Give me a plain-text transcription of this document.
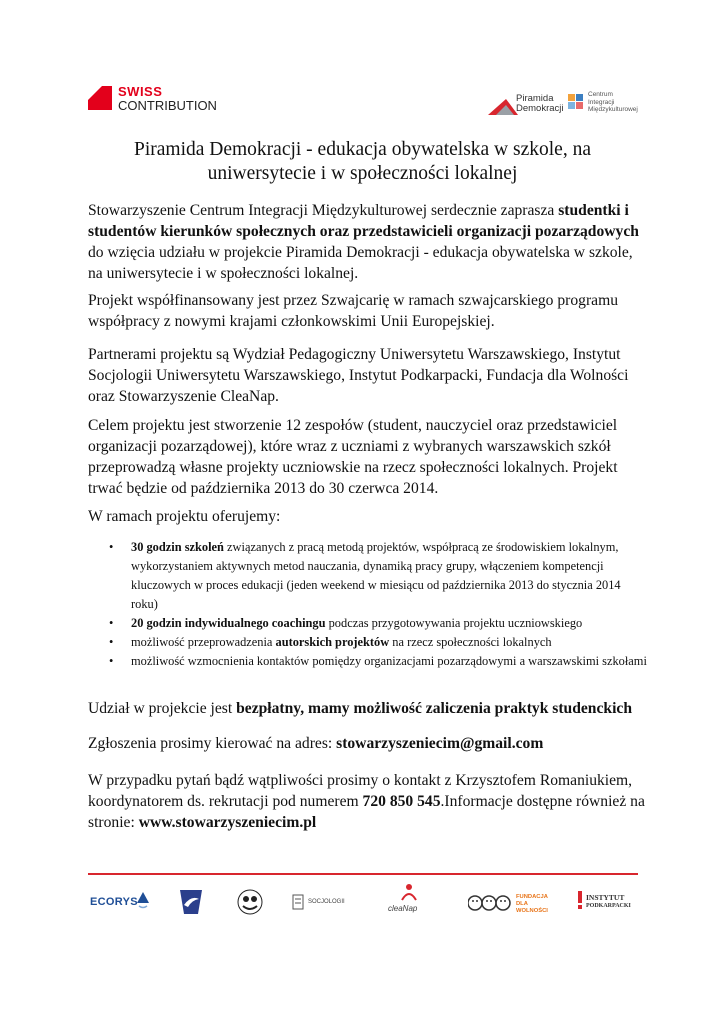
SWISS
CONTRIBUTION	Piramida
Demokracji
Centrum
Integracji
Międzykulturowej
Piramida Demokracji - edukacja obywatelska w szkole, na
uniwersytecie i w społeczności lokalnej
Stowarzyszenie Centrum Integracji Międzykulturowej serdecznie zaprasza studentki i studentów kierunków społecznych oraz przedstawicieli organizacji pozarządowych do wzięcia udziału w projekcie Piramida Demokracji - edukacja obywatelska w szkole, na uniwersytecie i w społeczności lokalnej.
Projekt współfinansowany jest przez Szwajcarię w ramach szwajcarskiego programu współpracy z nowymi krajami członkowskimi Unii Europejskiej.
Partnerami projektu są Wydział Pedagogiczny Uniwersytetu Warszawskiego, Instytut Socjologii Uniwersytetu Warszawskiego, Instytut Podkarpacki, Fundacja dla Wolności oraz Stowarzyszenie CleaNap.
Celem projektu jest stworzenie 12 zespołów (student, nauczyciel oraz przedstawiciel organizacji pozarządowej), które wraz z uczniami z wybranych warszawskich szkół przeprowadzą własne projekty uczniowskie na rzecz społeczności lokalnych. Projekt trwać będzie od października 2013 do 30 czerwca 2014.
W ramach projektu oferujemy:
• 30 godzin szkoleń związanych z pracą metodą projektów, współpracą ze środowiskiem lokalnym, wykorzystaniem aktywnych metod nauczania, dynamiką pracy grupy, włączeniem kompetencji kluczowych w proces edukacji (jeden weekend w miesiącu od października 2013 do stycznia 2014 roku)
• 20 godzin indywidualnego coachingu podczas przygotowywania projektu uczniowskiego
• możliwość przeprowadzenia autorskich projektów na rzecz społeczności lokalnych
• możliwość wzmocnienia kontaktów pomiędzy organizacjami pozarządowymi a warszawskimi szkołami
Udział w projekcie jest bezpłatny, mamy możliwość zaliczenia praktyk studenckich
Zgłoszenia prosimy kierować na adres: stowarzyszeniecim@gmail.com
W przypadku pytań bądź wątpliwości prosimy o kontakt z Krzysztofem Romaniukiem, koordynatorem ds. rekrutacji pod numerem 720 850 545.Informacje dostępne również na stronie: www.stowarzyszeniecim.pl
ECORYS	SOCJOLOGII
cleaNap
FUNDACJA
DLA WOLNOŚCI
INSTYTUT
PODKARPACKI
